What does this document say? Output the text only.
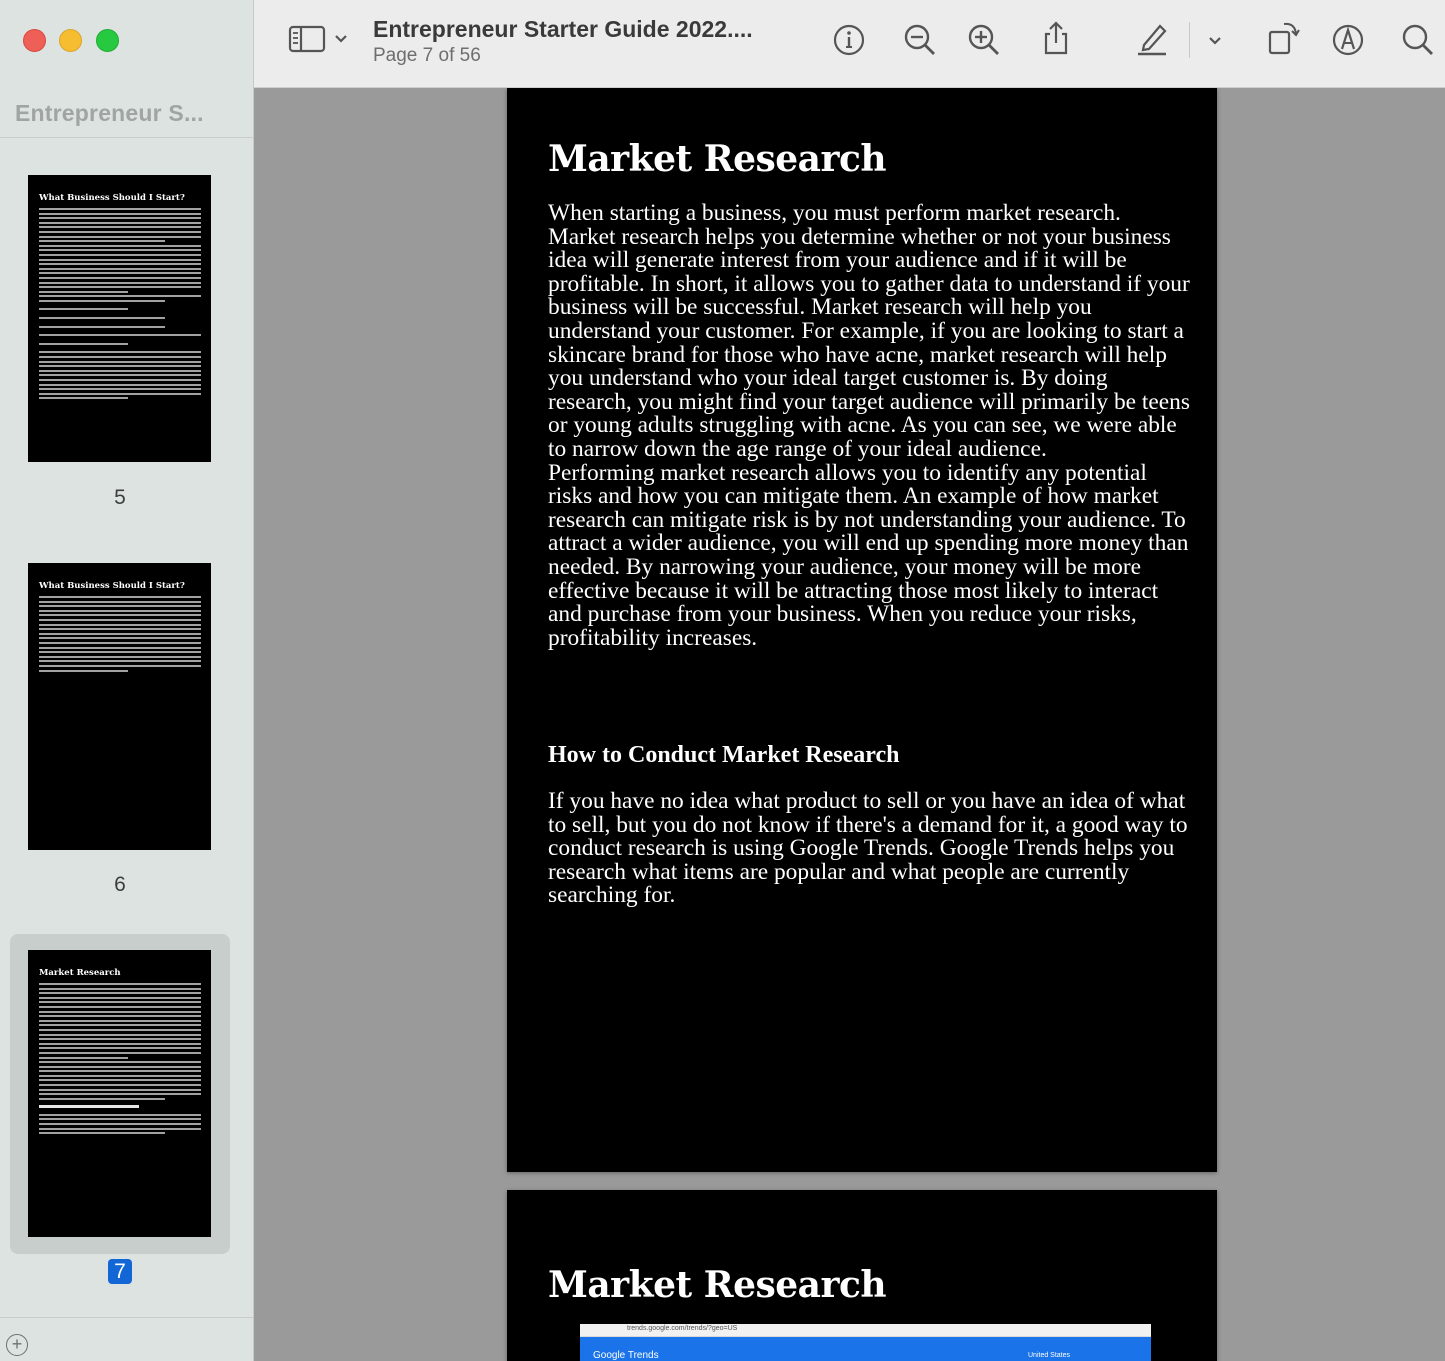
Entrepreneur S...
What Business Should I Start?
5
What Business Should I Start?
6
Market Research
7
+
Entrepreneur Starter Guide 2022....
Page 7 of 56
Market Research

When starting a business, you must perform market research. Market research helps you determine whether or not your business idea will generate interest from your audience and if it will be profitable. In short, it allows you to gather data to understand if your business will be successful. Market research will help you understand your customer. For example, if you are looking to start a skincare brand for those who have acne, market research will help you understand who your ideal target customer is. By doing research, you might find your target audience will primarily be teens or young adults struggling with acne. As you can see, we were able to narrow down the age range of your ideal audience.

Performing market research allows you to identify any potential risks and how you can mitigate them. An example of how market research can mitigate risk is by not understanding your audience. To attract a wider audience, you will end up spending more money than needed. By narrowing your audience, your money will be more effective because it will be attracting those most likely to interact and purchase from your business. When you reduce your risks, profitability increases.

How to Conduct Market Research

If you have no idea what product to sell or you have an idea of what to sell, but you do not know if there's a demand for it, a good way to conduct research is using Google Trends. Google Trends helps you research what items are popular and what people are currently searching for.

Market Research
trends.google.com/trends/?geo=US
Google Trends	United States
